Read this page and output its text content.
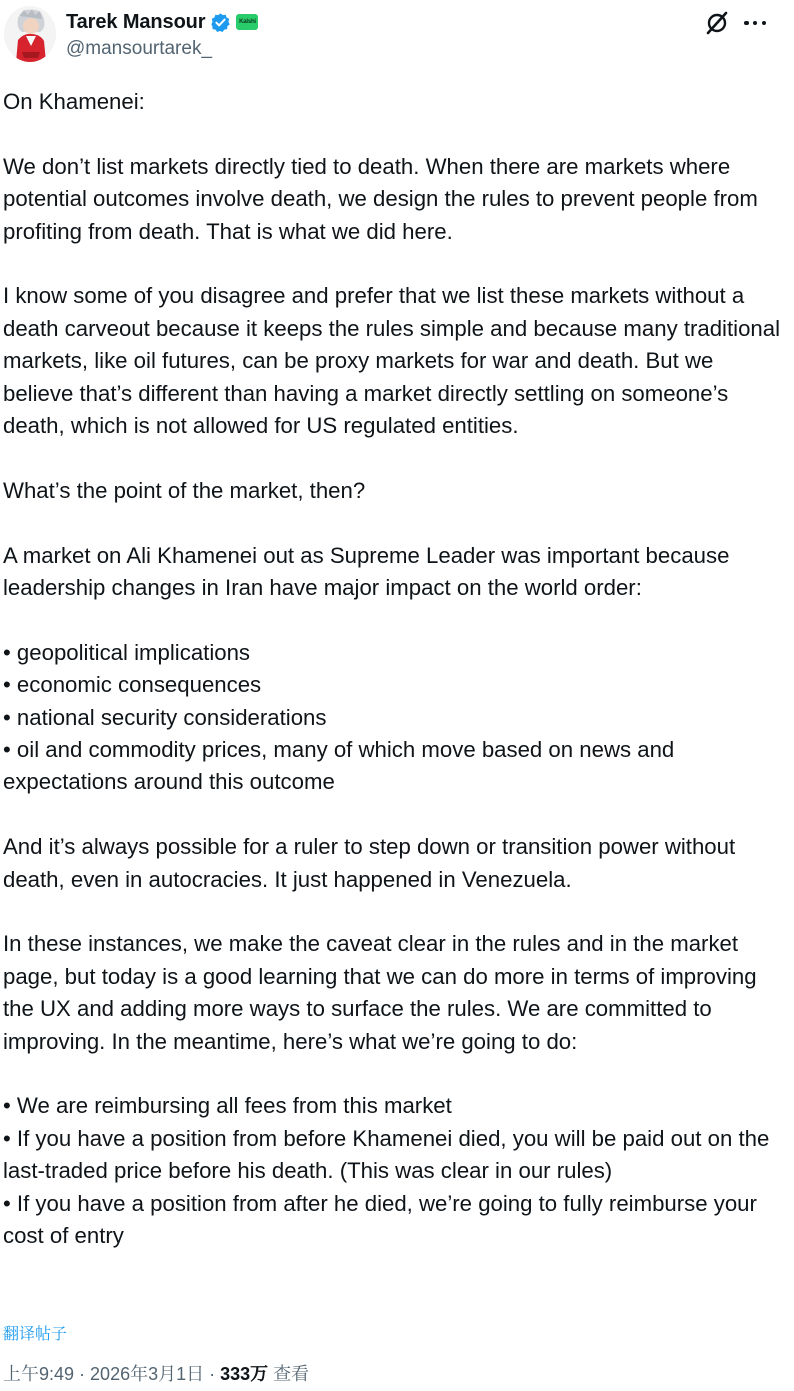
Tarek Mansour	Kalshi
@mansourtarek_

On Khamenei:

We don’t list markets directly tied to death. When there are markets where potential outcomes involve death, we design the rules to prevent people from profiting from death. That is what we did here.

I know some of you disagree and prefer that we list these markets without a death carveout because it keeps the rules simple and because many traditional markets, like oil futures, can be proxy markets for war and death. But we believe that’s different than having a market directly settling on someone’s death, which is not allowed for US regulated entities.

What’s the point of the market, then?

A market on Ali Khamenei out as Supreme Leader was important because leadership changes in Iran have major impact on the world order:

• geopolitical implications
• economic consequences
• national security considerations
• oil and commodity prices, many of which move based on news and expectations around this outcome

And it’s always possible for a ruler to step down or transition power without death, even in autocracies. It just happened in Venezuela.

In these instances, we make the caveat clear in the rules and in the market page, but today is a good learning that we can do more in terms of improving the UX and adding more ways to surface the rules. We are committed to improving. In the meantime, here’s what we’re going to do:

• We are reimbursing all fees from this market
• If you have a position from before Khamenei died, you will be paid out on the last-traded price before his death. (This was clear in our rules)
• If you have a position from after he died, we’re going to fully reimburse your cost of entry

翻译帖子
上午9:49 · 2026年3月1日 · 333万 查看
